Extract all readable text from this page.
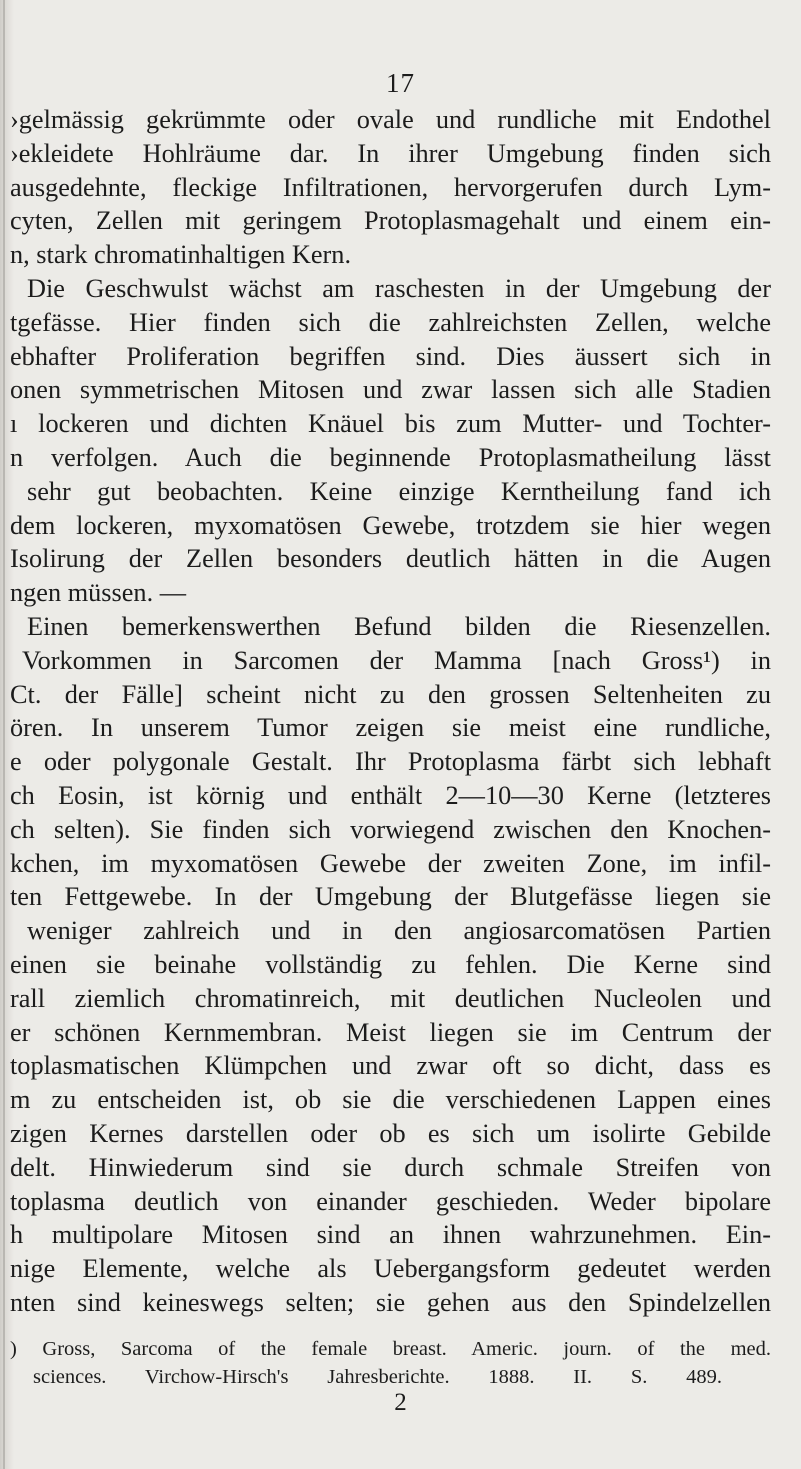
17
›gelmässig gekrümmte oder ovale und rundliche mit Endothel
›ekleidete Hohlräume dar. In ihrer Umgebung finden sich
ausgedehnte, fleckige Infiltrationen, hervorgerufen durch Lym-
cyten, Zellen mit geringem Protoplasmagehalt und einem ein-
n, stark chromatinhaltigen Kern.
Die Geschwulst wächst am raschesten in der Umgebung der
tgefässe. Hier finden sich die zahlreichsten Zellen, welche
ebhafter Proliferation begriffen sind. Dies äussert sich in
onen symmetrischen Mitosen und zwar lassen sich alle Stadien
ı lockeren und dichten Knäuel bis zum Mutter- und Tochter-
n verfolgen. Auch die beginnende Protoplasmatheilung lässt
sehr gut beobachten. Keine einzige Kerntheilung fand ich
dem lockeren, myxomatösen Gewebe, trotzdem sie hier wegen
Isolirung der Zellen besonders deutlich hätten in die Augen
ngen müssen. —
Einen bemerkenswerthen Befund bilden die Riesenzellen.
Vorkommen in Sarcomen der Mamma [nach Gross¹) in
Ct. der Fälle] scheint nicht zu den grossen Seltenheiten zu
ören. In unserem Tumor zeigen sie meist eine rundliche,
e oder polygonale Gestalt. Ihr Protoplasma färbt sich lebhaft
ch Eosin, ist körnig und enthält 2—10—30 Kerne (letzteres
ch selten). Sie finden sich vorwiegend zwischen den Knochen-
kchen, im myxomatösen Gewebe der zweiten Zone, im infil-
ten Fettgewebe. In der Umgebung der Blutgefässe liegen sie
weniger zahlreich und in den angiosarcomatösen Partien
einen sie beinahe vollständig zu fehlen. Die Kerne sind
rall ziemlich chromatinreich, mit deutlichen Nucleolen und
er schönen Kernmembran. Meist liegen sie im Centrum der
toplasmatischen Klümpchen und zwar oft so dicht, dass es
m zu entscheiden ist, ob sie die verschiedenen Lappen eines
zigen Kernes darstellen oder ob es sich um isolirte Gebilde
delt. Hinwiederum sind sie durch schmale Streifen von
toplasma deutlich von einander geschieden. Weder bipolare
h multipolare Mitosen sind an ihnen wahrzunehmen. Ein-
nige Elemente, welche als Uebergangsform gedeutet werden
nten sind keineswegs selten; sie gehen aus den Spindelzellen
) Gross, Sarcoma of the female breast. Americ. journ. of the med.
sciences. Virchow-Hirsch's Jahresberichte. 1888. II. S. 489.
2
